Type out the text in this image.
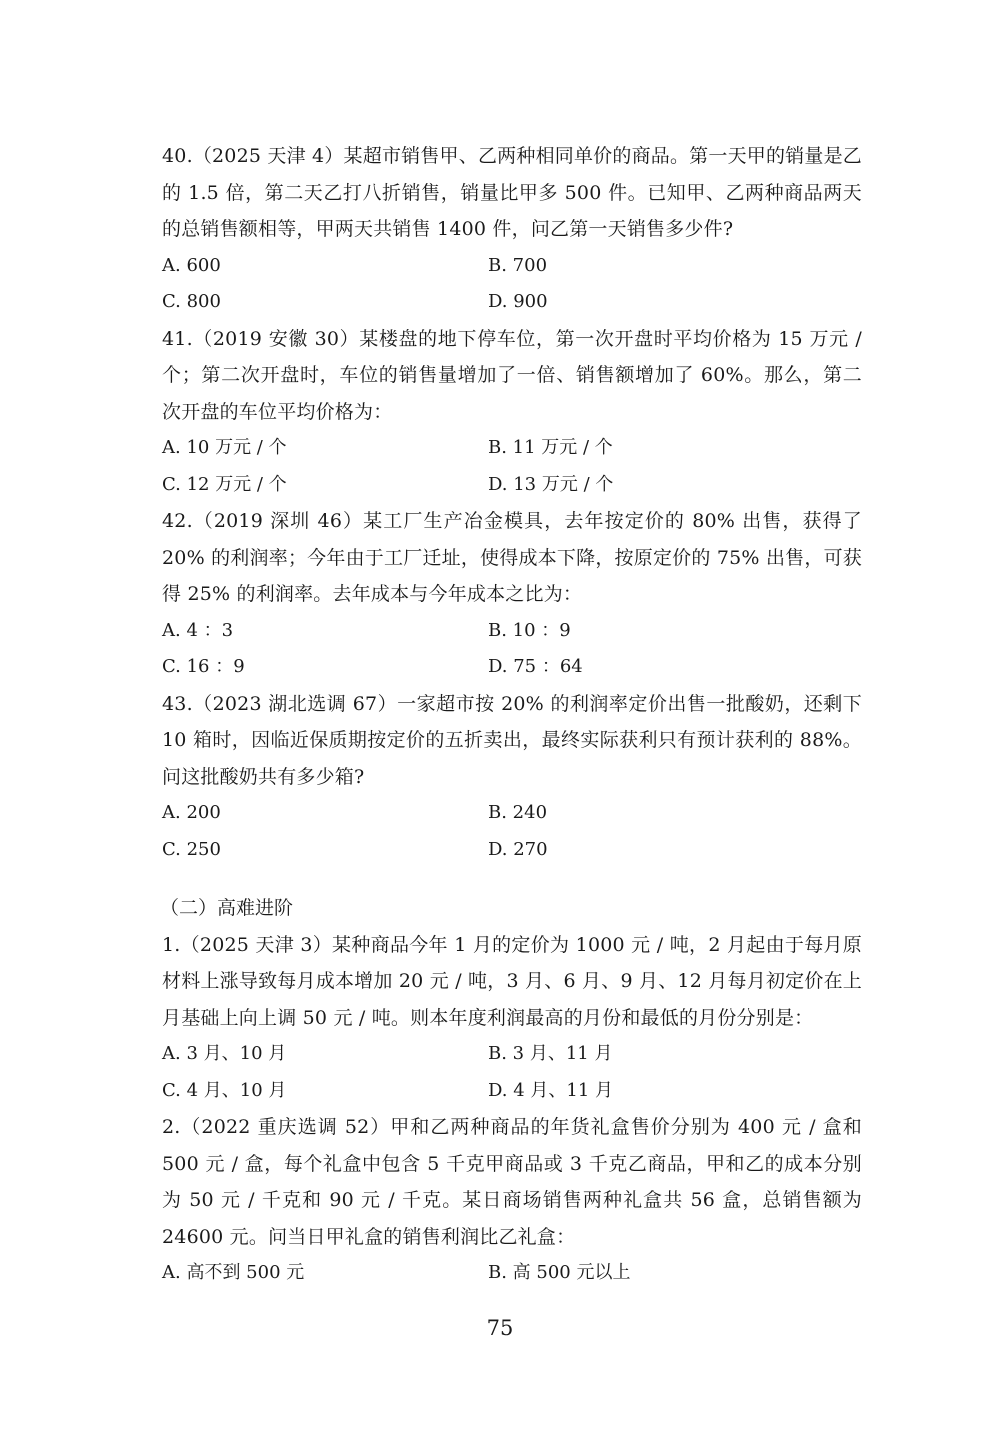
40.（2025 天津 4）某超市销售甲、乙两种相同单价的商品。第一天甲的销量是乙的 1.5 倍，第二天乙打八折销售，销量比甲多 500 件。已知甲、乙两种商品两天的总销售额相等，甲两天共销售 1400 件，问乙第一天销售多少件?

A. 600	B. 700
C. 800	D. 900

41.（2019 安徽 30）某楼盘的地下停车位，第一次开盘时平均价格为 15 万元 / 个；第二次开盘时，车位的销售量增加了一倍、销售额增加了 60%。那么，第二次开盘的车位平均价格为：

A. 10 万元 / 个	B. 11 万元 / 个
C. 12 万元 / 个	D. 13 万元 / 个

42.（2019 深圳 46）某工厂生产冶金模具，去年按定价的 80% 出售，获得了 20% 的利润率；今年由于工厂迁址，使得成本下降，按原定价的 75% 出售，可获得 25% 的利润率。去年成本与今年成本之比为：

A. 4 ：3	B. 10 ：9
C. 16 ：9	D. 75 ：64

43.（2023 湖北选调 67）一家超市按 20% 的利润率定价出售一批酸奶，还剩下 10 箱时，因临近保质期按定价的五折卖出，最终实际获利只有预计获利的 88%。问这批酸奶共有多少箱?

A. 200	B. 240
C. 250	D. 270
（二）高难进阶

1.（2025 天津 3）某种商品今年 1 月的定价为 1000 元 / 吨，2 月起由于每月原材料上涨导致每月成本增加 20 元 / 吨，3 月、6 月、9 月、12 月每月初定价在上月基础上向上调 50 元 / 吨。则本年度利润最高的月份和最低的月份分别是：

A. 3 月、10 月	B. 3 月、11 月
C. 4 月、10 月	D. 4 月、11 月

2.（2022 重庆选调 52）甲和乙两种商品的年货礼盒售价分别为 400 元 / 盒和 500 元 / 盒，每个礼盒中包含 5 千克甲商品或 3 千克乙商品，甲和乙的成本分别为 50 元 / 千克和 90 元 / 千克。某日商场销售两种礼盒共 56 盒，总销售额为 24600 元。问当日甲礼盒的销售利润比乙礼盒：

A. 高不到 500 元	B. 高 500 元以上
75
